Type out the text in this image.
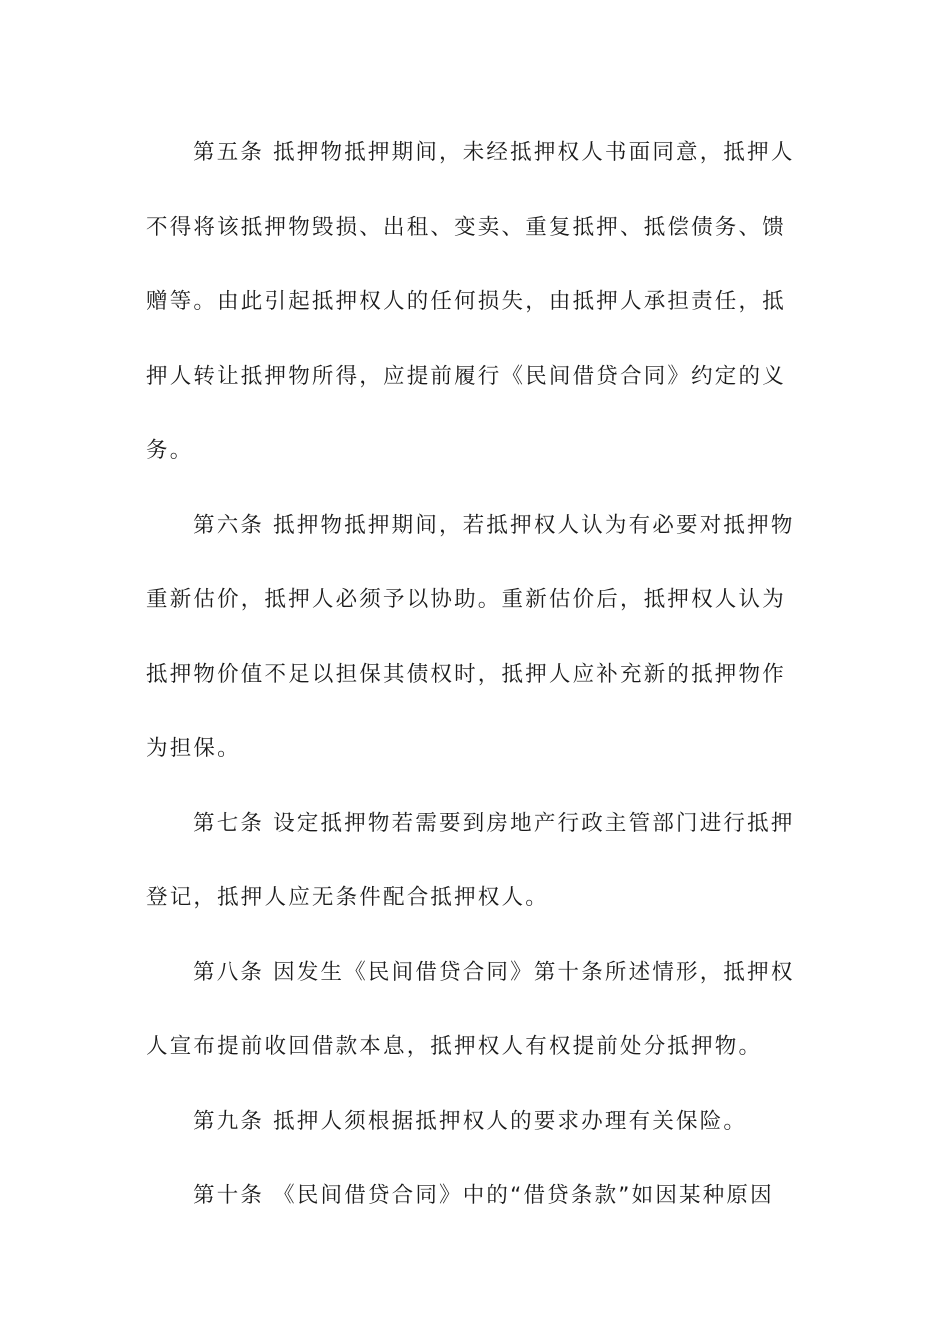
第五条 抵押物抵押期间，未经抵押权人书面同意，抵押人
不得将该抵押物毁损、出租、变卖、重复抵押、抵偿债务、馈
赠等。由此引起抵押权人的任何损失，由抵押人承担责任，抵
押人转让抵押物所得，应提前履行《民间借贷合同》约定的义
务。
第六条 抵押物抵押期间，若抵押权人认为有必要对抵押物
重新估价，抵押人必须予以协助。重新估价后，抵押权人认为
抵押物价值不足以担保其债权时，抵押人应补充新的抵押物作
为担保。
第七条 设定抵押物若需要到房地产行政主管部门进行抵押
登记，抵押人应无条件配合抵押权人。
第八条 因发生《民间借贷合同》第十条所述情形，抵押权
人宣布提前收回借款本息，抵押权人有权提前处分抵押物。
第九条 抵押人须根据抵押权人的要求办理有关保险。
第十条 《民间借贷合同》中的“借贷条款”如因某种原因
